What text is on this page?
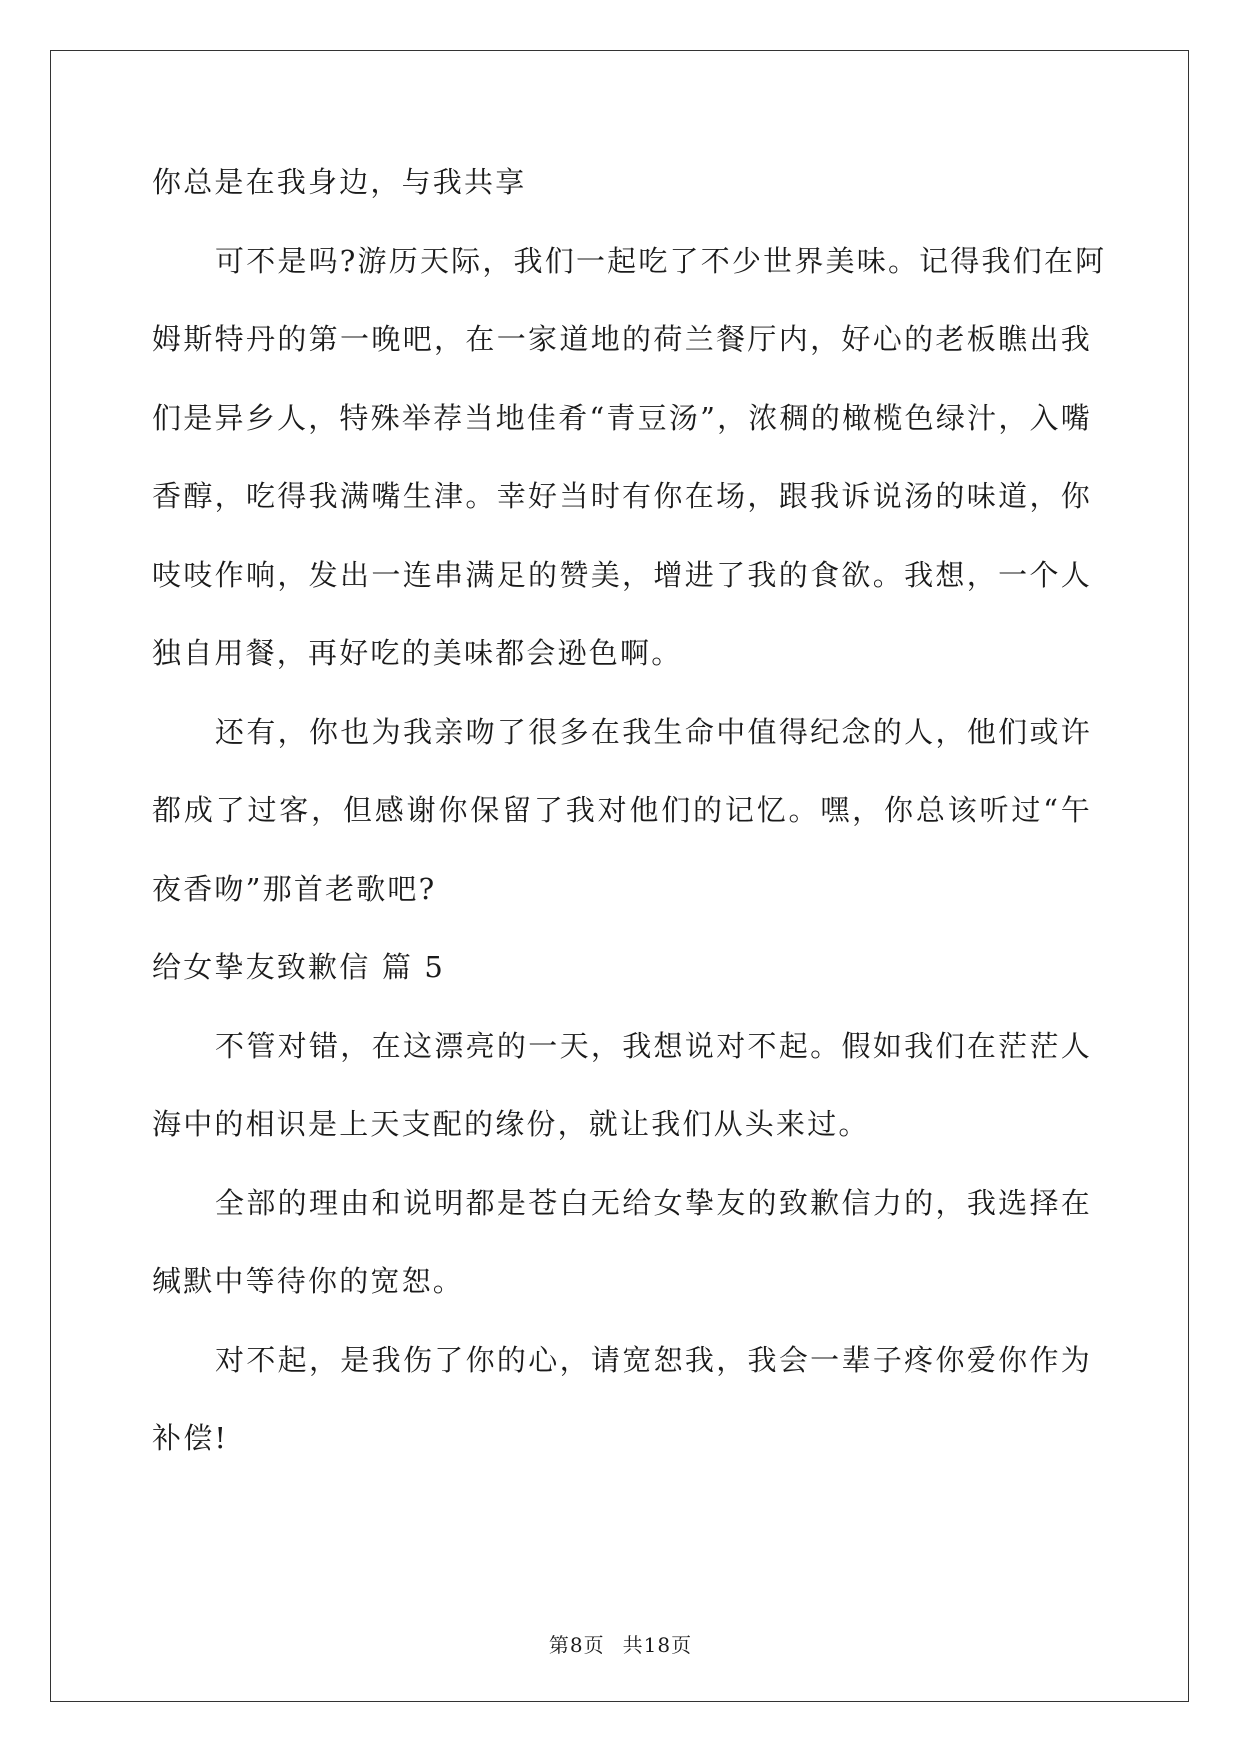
你总是在我身边，与我共享
可不是吗?游历天际，我们一起吃了不少世界美味。记得我们在阿
姆斯特丹的第一晚吧，在一家道地的荷兰餐厅内，好心的老板瞧出我
们是异乡人，特殊举荐当地佳肴“青豆汤”，浓稠的橄榄色绿汁，入嘴
香醇，吃得我满嘴生津。幸好当时有你在场，跟我诉说汤的味道，你
吱吱作响，发出一连串满足的赞美，增进了我的食欲。我想，一个人
独自用餐，再好吃的美味都会逊色啊。
还有，你也为我亲吻了很多在我生命中值得纪念的人，他们或许
都成了过客，但感谢你保留了我对他们的记忆。嘿，你总该听过“午
夜香吻”那首老歌吧?
给女挚友致歉信 篇 5
不管对错，在这漂亮的一天，我想说对不起。假如我们在茫茫人
海中的相识是上天支配的缘份，就让我们从头来过。
全部的理由和说明都是苍白无给女挚友的致歉信力的，我选择在
缄默中等待你的宽恕。
对不起，是我伤了你的心，请宽恕我，我会一辈子疼你爱你作为
补偿!
第8页 共18页
